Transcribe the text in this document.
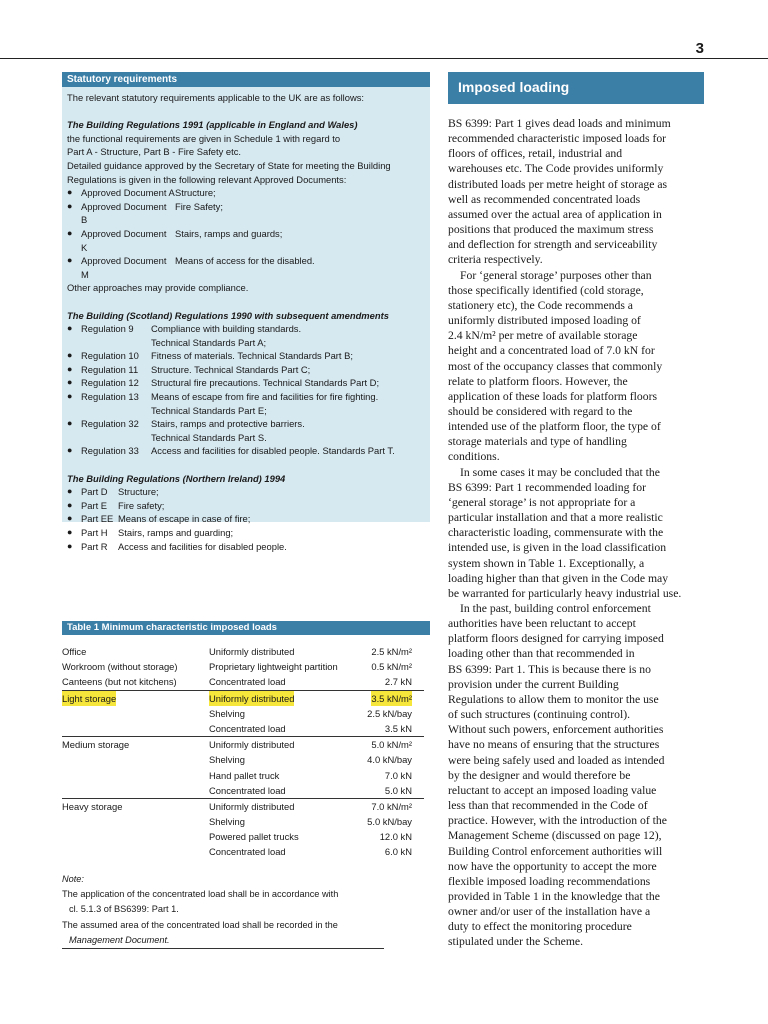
3
Statutory requirements

The relevant statutory requirements applicable to the UK are as follows:

The Building Regulations 1991 (applicable in England and Wales)

the functional requirements are given in Schedule 1 with regard to

Part A - Structure, Part B - Fire Safety etc.

Detailed guidance approved by the Secretary of State for meeting the Building

Regulations is given in the following relevant Approved Documents:

● Approved Document A Structure;
● Approved Document B
Fire Safety;
● Approved Document K
Stairs, ramps and guards;
● Approved Document M
Means of access for the disabled.

Other approaches may provide compliance.

The Building (Scotland) Regulations 1990 with subsequent amendments

● Regulation 9	Compliance with building standards.

Technical Standards Part A;

● Regulation 10	Fitness of materials. Technical Standards Part B;
● Regulation 11	Structure. Technical Standards Part C;
● Regulation 12	Structural fire precautions. Technical Standards Part D;
● Regulation 13	Means of escape from fire and facilities for fire fighting.

Technical Standards Part E;

● Regulation 32	Stairs, ramps and protective barriers.

Technical Standards Part S.

● Regulation 33	Access and facilities for disabled people. Standards Part T.

The Building Regulations (Northern Ireland) 1994

● Part D	Structure;
● Part E	Fire safety;
● Part EE Means of escape in case of fire;
● Part H	Stairs, ramps and guarding;
● Part R	Access and facilities for disabled people.
Imposed loading
BS 6399: Part 1 gives dead loads and minimum
recommended characteristic imposed loads for
floors of offices, retail, industrial and
warehouses etc. The Code provides uniformly
distributed loads per metre height of storage as
well as recommended concentrated loads
assumed over the actual area of application in
positions that produced the maximum stress
and deflection for strength and serviceability
criteria respectively.
For ‘general storage’ purposes other than
those specifically identified (cold storage,
stationery etc), the Code recommends a
uniformly distributed imposed loading of
2.4 kN/m² per metre of available storage
height and a concentrated load of 7.0 kN for
most of the occupancy classes that commonly
relate to platform floors. However, the
application of these loads for platform floors
should be considered with regard to the
intended use of the platform floor, the type of
storage materials and type of handling
conditions.
In some cases it may be concluded that the
BS 6399: Part 1 recommended loading for
‘general storage’ is not appropriate for a
particular installation and that a more realistic
characteristic loading, commensurate with the
intended use, is given in the load classification
system shown in Table 1. Exceptionally, a
loading higher than that given in the Code may
be warranted for particularly heavy industrial use.
In the past, building control enforcement
authorities have been reluctant to accept
platform floors designed for carrying imposed
loading other than that recommended in
BS 6399: Part 1. This is because there is no
provision under the current Building
Regulations to allow them to monitor the use
of such structures (continuing control).
Without such powers, enforcement authorities
have no means of ensuring that the structures
were being safely used and loaded as intended
by the designer and would therefore be
reluctant to accept an imposed loading value
less than that recommended in the Code of
practice. However, with the introduction of the
Management Scheme (discussed on page 12),
Building Control enforcement authorities will
now have the opportunity to accept the more
flexible imposed loading recommendations
provided in Table 1 in the knowledge that the
owner and/or user of the installation have a
duty to effect the monitoring procedure
stipulated under the Scheme.
Table 1 Minimum characteristic imposed loads
Office	Uniformly distributed	2.5 kN/m²
Workroom (without storage)	Proprietary lightweight partition	0.5 kN/m²
Canteens (but not kitchens)	Concentrated load	2.7 kN
Light storage	Uniformly distributed	3.5 kN/m²
Shelving	2.5 kN/bay
Concentrated load	3.5 kN
Medium storage	Uniformly distributed	5.0 kN/m²
Shelving	4.0 kN/bay
Hand pallet truck	7.0 kN
Concentrated load	5.0 kN
Heavy storage	Uniformly distributed	7.0 kN/m²
Shelving	5.0 kN/bay
Powered pallet trucks	12.0 kN
Concentrated load	6.0 kN
Note:
The application of the concentrated load shall be in accordance with
cl. 5.1.3 of BS6399: Part 1.
The assumed area of the concentrated load shall be recorded in the
Management Document.
